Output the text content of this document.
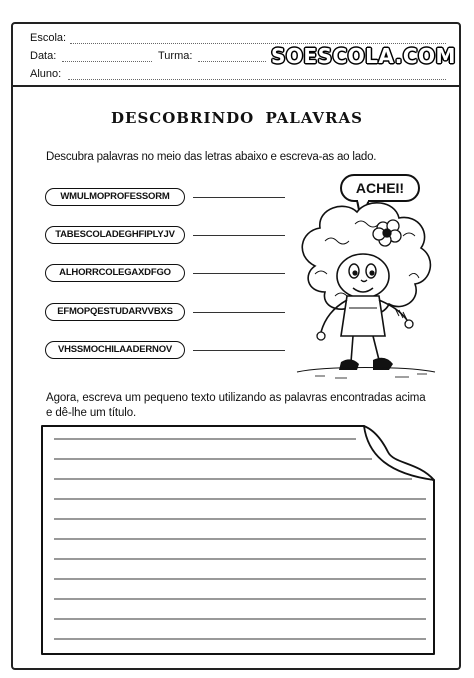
Escola:
Data:	Turma:
Aluno:
SOESCOLA.COM
DESCOBRINDO PALAVRAS
Descubra palavras no meio das letras abaixo e escreva-as ao lado.
WMULMOPROFESSORM
TABESCOLADEGHFIPLYJV
ALHORRCOLEGAXDFGO
EFMOPQESTUDARVVBXS
VHSSMOCHILAADERNOV
ACHEI!
Agora, escreva um pequeno texto utilizando as palavras encontradas acima e dê-lhe um título.
